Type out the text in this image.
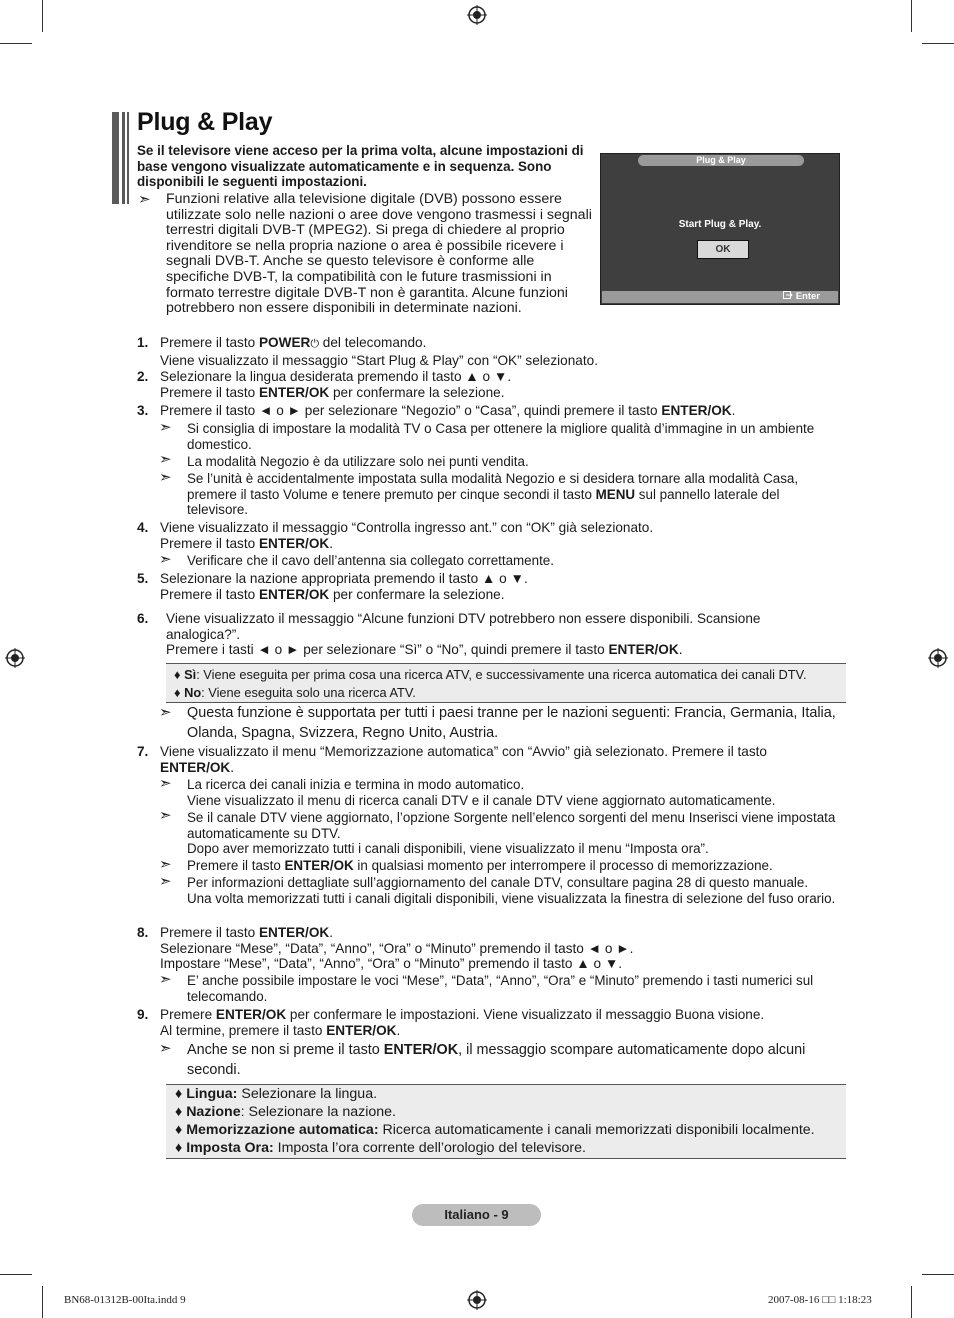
Plug & Play
Se il televisore viene acceso per la prima volta, alcune impostazioni di base vengono visualizzate automaticamente e in sequenza. Sono disponibili le seguenti impostazioni.
➣ Funzioni relative alla televisione digitale (DVB) possono essere utilizzate solo nelle nazioni o aree dove vengono trasmessi i segnali terrestri digitali DVB-T (MPEG2). Si prega di chiedere al proprio rivenditore se nella propria nazione o area è possibile ricevere i segnali DVB-T. Anche se questo televisore è conforme alle specifiche DVB-T, la compatibilità con le future trasmissioni in formato terrestre digitale DVB-T non è garantita. Alcune funzioni potrebbero non essere disponibili in determinate nazioni.
Plug & Play
Start Plug & Play.
OK
Enter
1. Premere il tasto POWER⏻ del telecomando.
Viene visualizzato il messaggio “Start Plug & Play” con “OK” selezionato.
2. Selezionare la lingua desiderata premendo il tasto ▲ o ▼.
Premere il tasto ENTER/OK per confermare la selezione.
3. Premere il tasto ◄ o ► per selezionare “Negozio” o “Casa”, quindi premere il tasto ENTER/OK.
➣ Si consiglia di impostare la modalità TV o Casa per ottenere la migliore qualità d’immagine in un ambiente domestico.
➣ La modalità Negozio è da utilizzare solo nei punti vendita.
➣ Se l’unità è accidentalmente impostata sulla modalità Negozio e si desidera tornare alla modalità Casa, premere il tasto Volume e tenere premuto per cinque secondi il tasto MENU sul pannello laterale del televisore.
4. Viene visualizzato il messaggio “Controlla ingresso ant.” con “OK” già selezionato.
Premere il tasto ENTER/OK.
➣ Verificare che il cavo dell’antenna sia collegato correttamente.
5. Selezionare la nazione appropriata premendo il tasto ▲ o ▼.
Premere il tasto ENTER/OK per confermare la selezione.
6. Viene visualizzato il messaggio “Alcune funzioni DTV potrebbero non essere disponibili. Scansione analogica?”.
Premere i tasti ◄ o ► per selezionare “Sì” o “No”, quindi premere il tasto ENTER/OK.
♦ Sì: Viene eseguita per prima cosa una ricerca ATV, e successivamente una ricerca automatica dei canali DTV.
♦ No: Viene eseguita solo una ricerca ATV.
➣ Questa funzione è supportata per tutti i paesi tranne per le nazioni seguenti: Francia, Germania, Italia, Olanda, Spagna, Svizzera, Regno Unito, Austria.
7. Viene visualizzato il menu “Memorizzazione automatica” con “Avvio” già selezionato. Premere il tasto ENTER/OK.
➣ La ricerca dei canali inizia e termina in modo automatico.
Viene visualizzato il menu di ricerca canali DTV e il canale DTV viene aggiornato automaticamente.
➣ Se il canale DTV viene aggiornato, l’opzione Sorgente nell’elenco sorgenti del menu Inserisci viene impostata automaticamente su DTV.
Dopo aver memorizzato tutti i canali disponibili, viene visualizzato il menu “Imposta ora”.
➣ Premere il tasto ENTER/OK in qualsiasi momento per interrompere il processo di memorizzazione.
➣ Per informazioni dettagliate sull’aggiornamento del canale DTV, consultare pagina 28 di questo manuale.
Una volta memorizzati tutti i canali digitali disponibili, viene visualizzata la finestra di selezione del fuso orario.
8. Premere il tasto ENTER/OK.
Selezionare “Mese”, “Data”, “Anno”, “Ora” o “Minuto” premendo il tasto ◄ o ►.
Impostare “Mese”, “Data”, “Anno”, “Ora” o “Minuto” premendo il tasto ▲ o ▼.
➣ E’ anche possibile impostare le voci “Mese”, “Data”, “Anno”, “Ora” e “Minuto” premendo i tasti numerici sul telecomando.
9. Premere ENTER/OK per confermare le impostazioni. Viene visualizzato il messaggio Buona visione.
Al termine, premere il tasto ENTER/OK.
➣ Anche se non si preme il tasto ENTER/OK, il messaggio scompare automaticamente dopo alcuni secondi.
♦ Lingua: Selezionare la lingua.
♦ Nazione: Selezionare la nazione.
♦ Memorizzazione automatica: Ricerca automaticamente i canali memorizzati disponibili localmente.
♦ Imposta Ora: Imposta l’ora corrente dell’orologio del televisore.
Italiano - 9
BN68-01312B-00Ita.indd 9	2007-08-16 □□ 1:18:23
